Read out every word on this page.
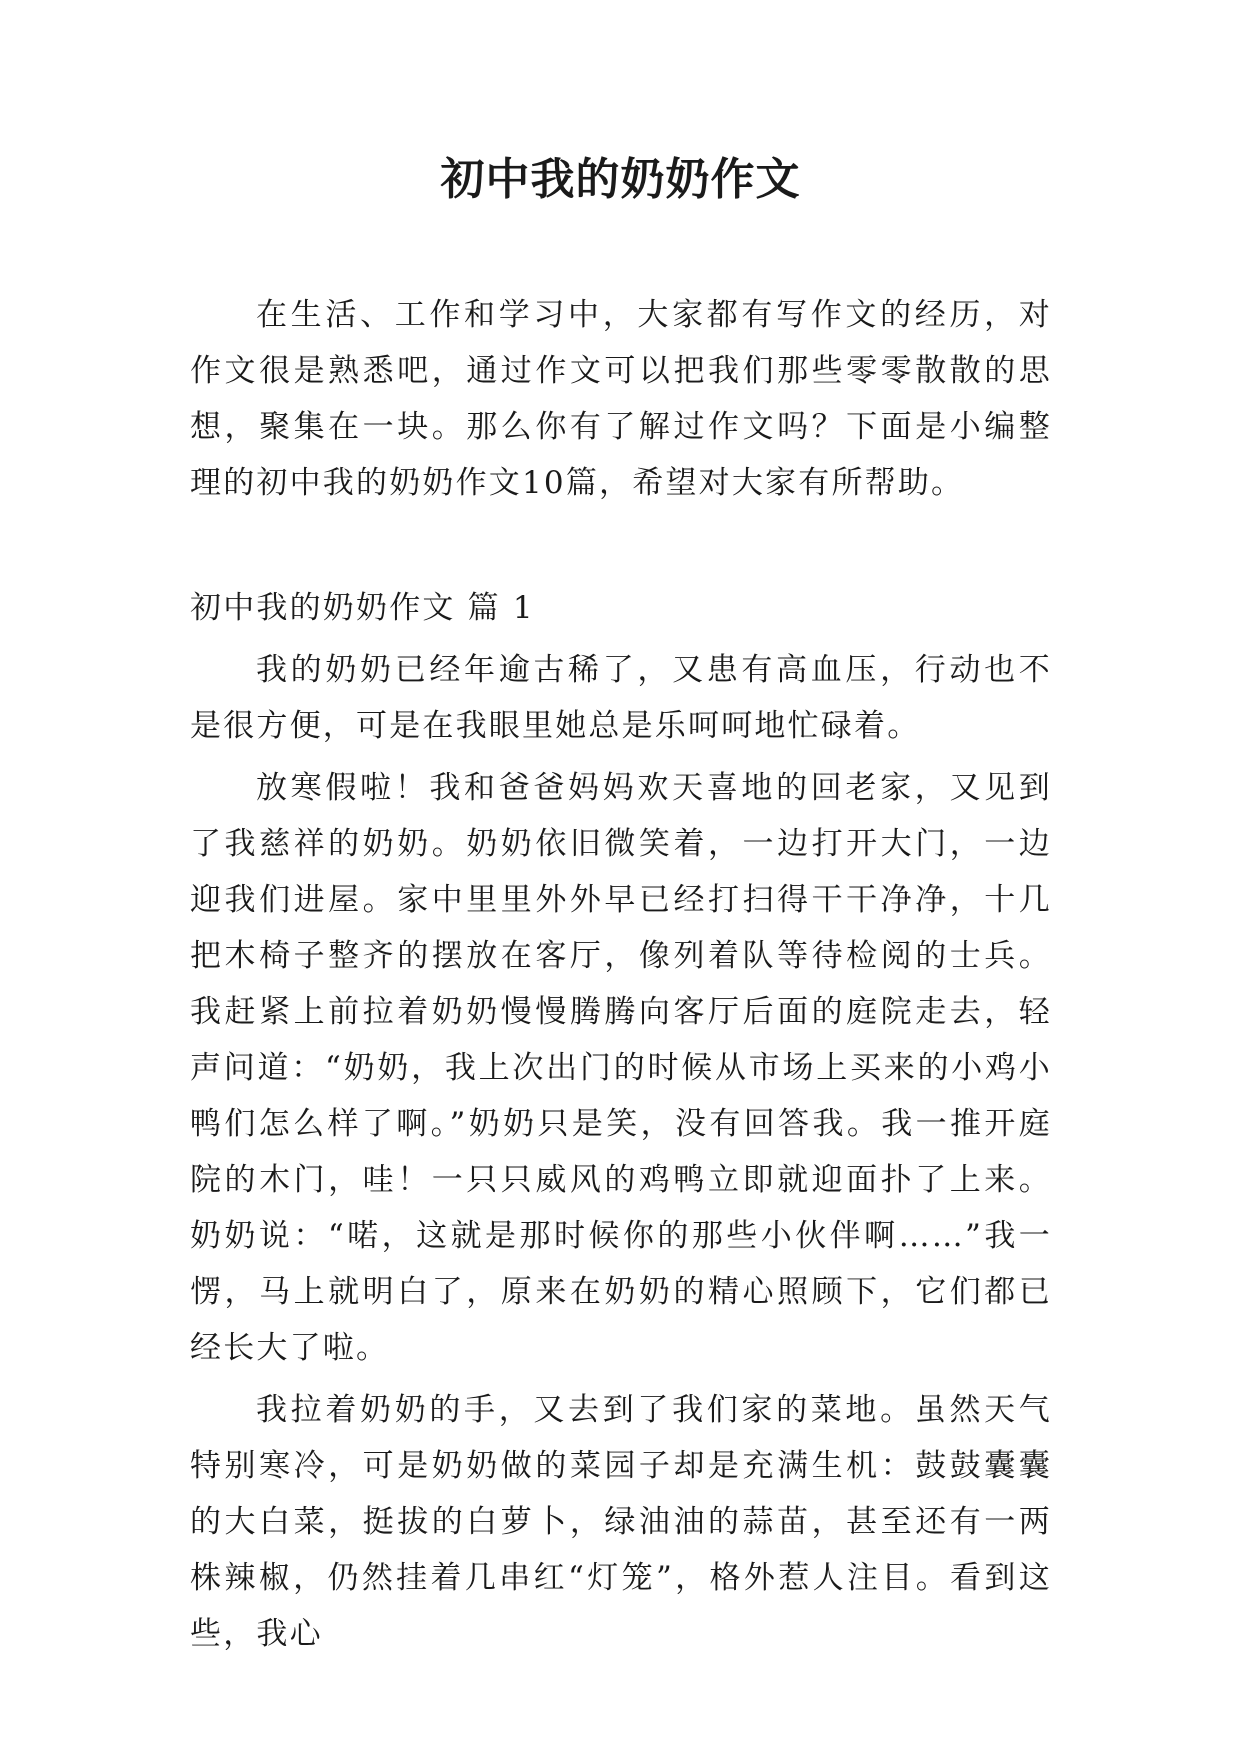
初中我的奶奶作文

在生活、工作和学习中，大家都有写作文的经历，对作文很是熟悉吧，通过作文可以把我们那些零零散散的思想，聚集在一块。那么你有了解过作文吗？下面是小编整理的初中我的奶奶作文10篇，希望对大家有所帮助。

初中我的奶奶作文 篇 1

我的奶奶已经年逾古稀了，又患有高血压，行动也不是很方便，可是在我眼里她总是乐呵呵地忙碌着。

放寒假啦！我和爸爸妈妈欢天喜地的回老家，又见到了我慈祥的奶奶。奶奶依旧微笑着，一边打开大门，一边迎我们进屋。家中里里外外早已经打扫得干干净净，十几把木椅子整齐的摆放在客厅，像列着队等待检阅的士兵。我赶紧上前拉着奶奶慢慢腾腾向客厅后面的庭院走去，轻声问道：“奶奶，我上次出门的时候从市场上买来的小鸡小鸭们怎么样了啊。”奶奶只是笑，没有回答我。我一推开庭院的木门，哇！一只只威风的鸡鸭立即就迎面扑了上来。奶奶说：“喏，这就是那时候你的那些小伙伴啊……”我一愣，马上就明白了，原来在奶奶的精心照顾下，它们都已经长大了啦。

我拉着奶奶的手，又去到了我们家的菜地。虽然天气特别寒冷，可是奶奶做的菜园子却是充满生机：鼓鼓囊囊的大白菜，挺拔的白萝卜，绿油油的蒜苗，甚至还有一两株辣椒，仍然挂着几串红“灯笼”，格外惹人注目。看到这些，我心
